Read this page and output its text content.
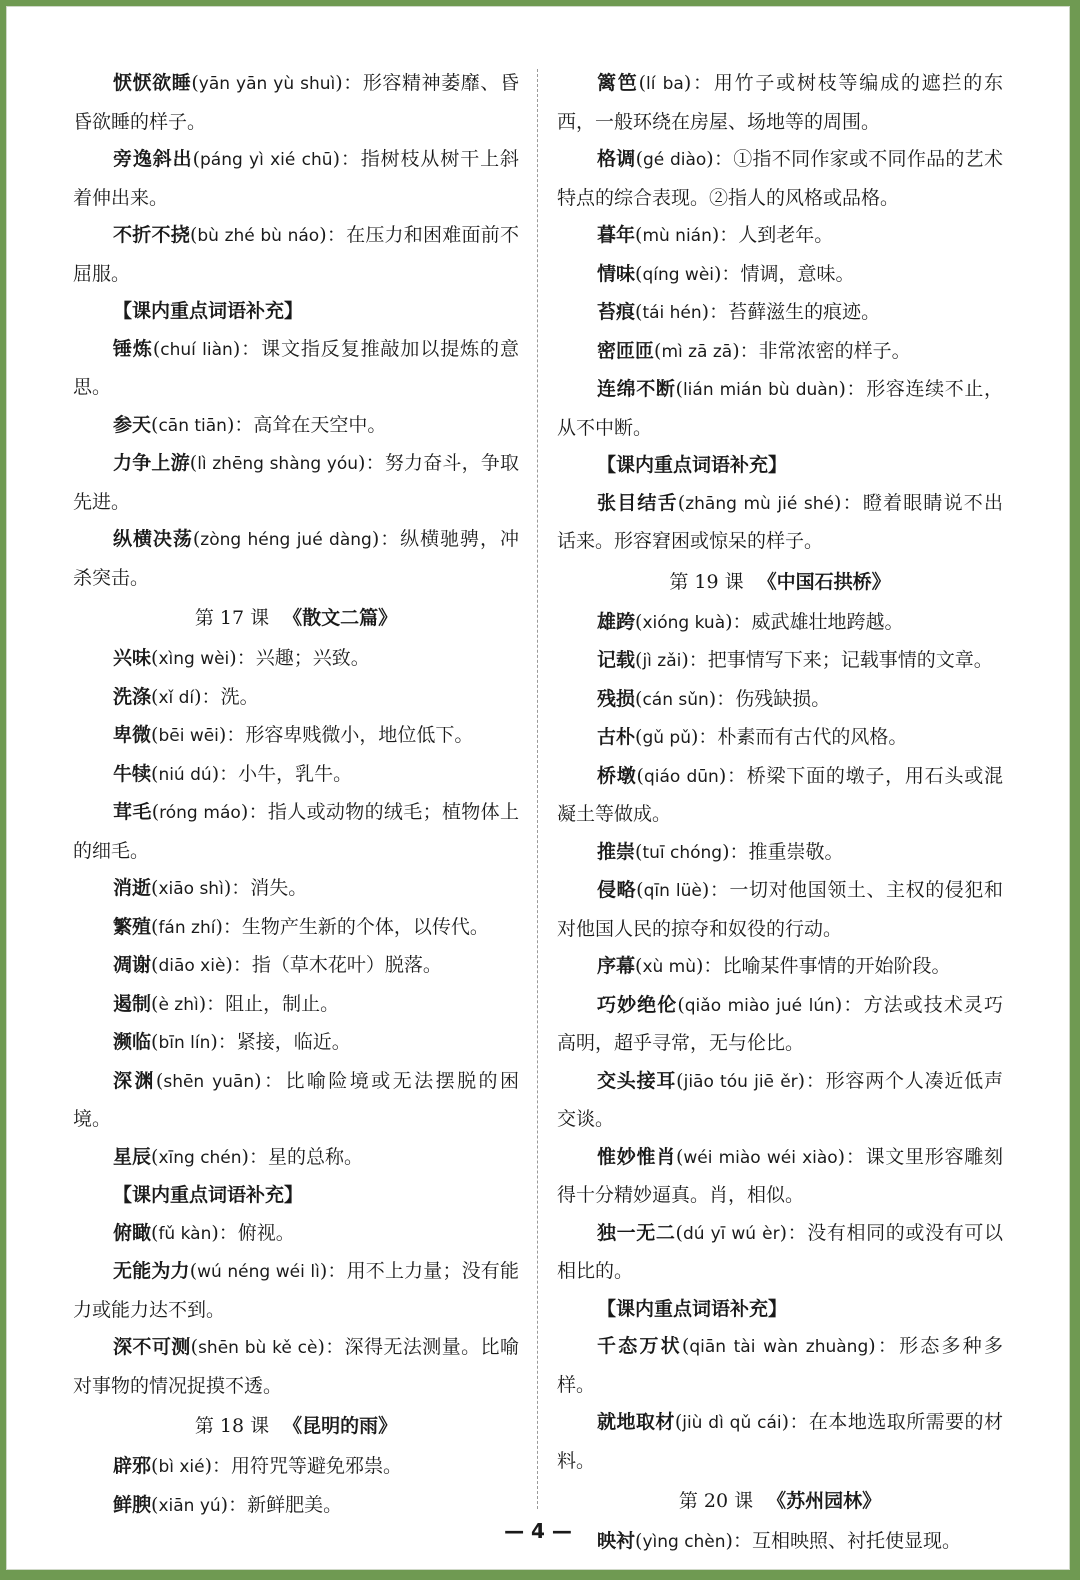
恹恹欲睡(yān yān yù shuì)：形容精神萎靡、昏昏欲睡的样子。

旁逸斜出(páng yì xié chū)：指树枝从树干上斜着伸出来。

不折不挠(bù zhé bù náo)：在压力和困难面前不屈服。

【课内重点词语补充】

锤炼(chuí liàn)：课文指反复推敲加以提炼的意思。

参天(cān tiān)：高耸在天空中。

力争上游(lì zhēng shàng yóu)：努力奋斗，争取先进。

纵横决荡(zòng héng jué dàng)：纵横驰骋，冲杀突击。

第 17 课 《散文二篇》

兴味(xìng wèi)：兴趣；兴致。

洗涤(xǐ dí)：洗。

卑微(bēi wēi)：形容卑贱微小，地位低下。

牛犊(niú dú)：小牛，乳牛。

茸毛(róng máo)：指人或动物的绒毛；植物体上的细毛。

消逝(xiāo shì)：消失。

繁殖(fán zhí)：生物产生新的个体，以传代。

凋谢(diāo xiè)：指（草木花叶）脱落。

遏制(è zhì)：阻止，制止。

濒临(bīn lín)：紧接，临近。

深渊(shēn yuān)：比喻险境或无法摆脱的困境。

星辰(xīng chén)：星的总称。

【课内重点词语补充】

俯瞰(fǔ kàn)：俯视。

无能为力(wú néng wéi lì)：用不上力量；没有能力或能力达不到。

深不可测(shēn bù kě cè)：深得无法测量。比喻对事物的情况捉摸不透。

第 18 课 《昆明的雨》

辟邪(bì xié)：用符咒等避免邪祟。

鲜腴(xiān yú)：新鲜肥美。

篱笆(lí ba)：用竹子或树枝等编成的遮拦的东西，一般环绕在房屋、场地等的周围。

格调(gé diào)：①指不同作家或不同作品的艺术特点的综合表现。②指人的风格或品格。

暮年(mù nián)：人到老年。

情味(qíng wèi)：情调，意味。

苔痕(tái hén)：苔藓滋生的痕迹。

密匝匝(mì zā zā)：非常浓密的样子。

连绵不断(lián mián bù duàn)：形容连续不止，从不中断。

【课内重点词语补充】

张目结舌(zhāng mù jié shé)：瞪着眼睛说不出话来。形容窘困或惊呆的样子。

第 19 课 《中国石拱桥》

雄跨(xióng kuà)：威武雄壮地跨越。

记载(jì zǎi)：把事情写下来；记载事情的文章。

残损(cán sǔn)：伤残缺损。

古朴(gǔ pǔ)：朴素而有古代的风格。

桥墩(qiáo dūn)：桥梁下面的墩子，用石头或混凝土等做成。

推崇(tuī chóng)：推重崇敬。

侵略(qīn lüè)：一切对他国领土、主权的侵犯和对他国人民的掠夺和奴役的行动。

序幕(xù mù)：比喻某件事情的开始阶段。

巧妙绝伦(qiǎo miào jué lún)：方法或技术灵巧高明，超乎寻常，无与伦比。

交头接耳(jiāo tóu jiē ěr)：形容两个人凑近低声交谈。

惟妙惟肖(wéi miào wéi xiào)：课文里形容雕刻得十分精妙逼真。肖，相似。

独一无二(dú yī wú èr)：没有相同的或没有可以相比的。

【课内重点词语补充】

千态万状(qiān tài wàn zhuàng)：形态多种多样。

就地取材(jiù dì qǔ cái)：在本地选取所需要的材料。

第 20 课 《苏州园林》

映衬(yìng chèn)：互相映照、衬托使显现。

— 4 —
